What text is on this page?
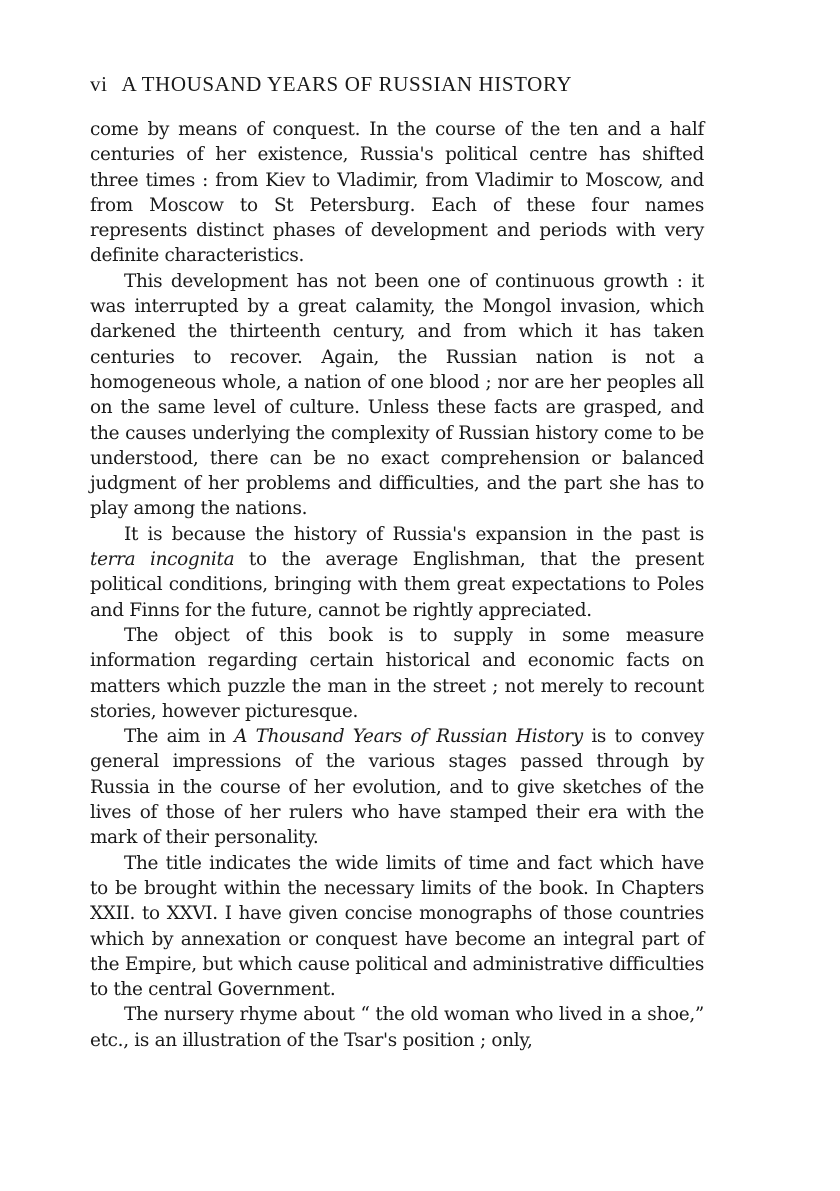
vi A THOUSAND YEARS OF RUSSIAN HISTORY

come by means of conquest. In the course of the ten and a half centuries of her existence, Russia's political centre has shifted three times : from Kiev to Vladimir, from Vladimir to Moscow, and from Moscow to St Petersburg. Each of these four names represents distinct phases of development and periods with very definite characteristics.

This development has not been one of continuous growth : it was interrupted by a great calamity, the Mongol invasion, which darkened the thirteenth century, and from which it has taken centuries to recover. Again, the Russian nation is not a homogeneous whole, a nation of one blood ; nor are her peoples all on the same level of culture. Unless these facts are grasped, and the causes underlying the complexity of Russian history come to be understood, there can be no exact comprehension or balanced judgment of her problems and difficulties, and the part she has to play among the nations.

It is because the history of Russia's expansion in the past is terra incognita to the average Englishman, that the present political conditions, bringing with them great expectations to Poles and Finns for the future, cannot be rightly appreciated.

The object of this book is to supply in some measure information regarding certain historical and economic facts on matters which puzzle the man in the street ; not merely to recount stories, however picturesque.

The aim in A Thousand Years of Russian History is to convey general impressions of the various stages passed through by Russia in the course of her evolution, and to give sketches of the lives of those of her rulers who have stamped their era with the mark of their personality.

The title indicates the wide limits of time and fact which have to be brought within the necessary limits of the book. In Chapters XXII. to XXVI. I have given concise monographs of those countries which by annexation or conquest have become an integral part of the Empire, but which cause political and administrative difficulties to the central Government.

The nursery rhyme about “ the old woman who lived in a shoe,” etc., is an illustration of the Tsar's position ; only,
